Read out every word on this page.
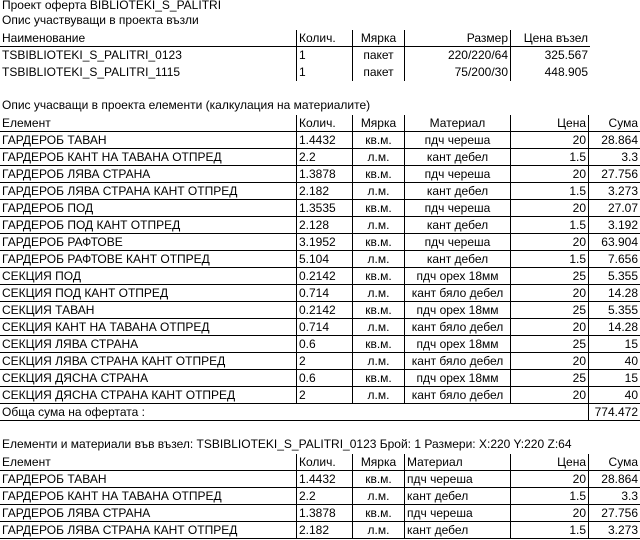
Проект оферта BIBLIOTEKI_S_PALITRI
Опис участвуващи в проекта възли
Наименование	Колич.	Мярка	Размер	Цена възел
TSBIBLIOTEKI_S_PALITRI_0123	1	пакет	220/220/64	325.567
TSBIBLIOTEKI_S_PALITRI_1115	1	пакет	75/200/30	448.905
Опис учасващи в проекта елементи (калкулация на материалите)
Елемент	Колич.	Мярка	Материал	Цена	Сума
ГАРДЕРОБ ТАВАН	1.4432	кв.м.	пдч череша	20	28.864
ГАРДЕРОБ КАНТ НА ТАВАНА ОТПРЕД	2.2	л.м.	кант дебел	1.5	3.3
ГАРДЕРОБ ЛЯВА СТРАНА	1.3878	кв.м.	пдч череша	20	27.756
ГАРДЕРОБ ЛЯВА СТРАНА КАНТ ОТПРЕД	2.182	л.м.	кант дебел	1.5	3.273
ГАРДЕРОБ ПОД	1.3535	кв.м.	пдч череша	20	27.07
ГАРДЕРОБ ПОД КАНТ ОТПРЕД	2.128	л.м.	кант дебел	1.5	3.192
ГАРДЕРОБ РАФТОВЕ	3.1952	кв.м.	пдч череша	20	63.904
ГАРДЕРОБ РАФТОВЕ КАНТ ОТПРЕД	5.104	л.м.	кант дебел	1.5	7.656
СЕКЦИЯ ПОД	0.2142	кв.м.	пдч орех 18мм	25	5.355
СЕКЦИЯ ПОД КАНТ ОТПРЕД	0.714	л.м.	кант бяло дебел	20	14.28
СЕКЦИЯ ТАВАН	0.2142	кв.м.	пдч орех 18мм	25	5.355
СЕКЦИЯ КАНТ НА ТАВАНА ОТПРЕД	0.714	л.м.	кант бяло дебел	20	14.28
СЕКЦИЯ ЛЯВА СТРАНА	0.6	кв.м.	пдч орех 18мм	25	15
СЕКЦИЯ ЛЯВА СТРАНА КАНТ ОТПРЕД	2	л.м.	кант бяло дебел	20	40
СЕКЦИЯ ДЯСНА СТРАНА	0.6	кв.м.	пдч орех 18мм	25	15
СЕКЦИЯ ДЯСНА СТРАНА КАНТ ОТПРЕД	2	л.м.	кант бяло дебел	20	40
Обща сума на офертата :	774.472
Елементи и материали във възел: TSBIBLIOTEKI_S_PALITRI_0123 Брой: 1 Размери: X:220 Y:220 Z:64
Елемент	Колич.	Мярка Материал	Цена	Сума
ГАРДЕРОБ ТАВАН	1.4432	кв.м.	пдч череша	20	28.864
ГАРДЕРОБ КАНТ НА ТАВАНА ОТПРЕД	2.2	л.м.	кант дебел	1.5	3.3
ГАРДЕРОБ ЛЯВА СТРАНА	1.3878	кв.м.	пдч череша	20	27.756
ГАРДЕРОБ ЛЯВА СТРАНА КАНТ ОТПРЕД	2.182	л.м.	кант дебел	1.5	3.273
